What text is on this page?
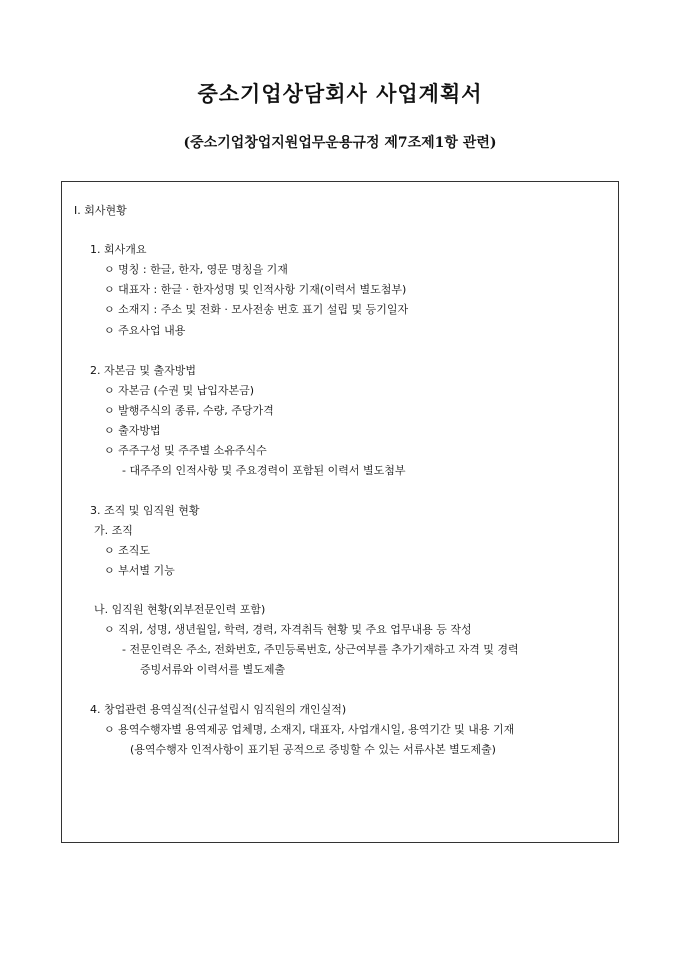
중소기업상담회사 사업계획서
(중소기업창업지원업무운용규정 제7조제1항 관련)
Ⅰ. 회사현황
1. 회사개요
ㅇ 명칭 : 한글, 한자, 영문 명칭을 기재
ㅇ 대표자 : 한글 · 한자성명 및 인적사항 기재(이력서 별도첨부)
ㅇ 소재지 : 주소 및 전화 · 모사전송 번호 표기 설립 및 등기일자
ㅇ 주요사업 내용
2. 자본금 및 출자방법
ㅇ 자본금 (수권 및 납입자본금)
ㅇ 발행주식의 종류, 수량, 주당가격
ㅇ 출자방법
ㅇ 주주구성 및 주주별 소유주식수
- 대주주의 인적사항 및 주요경력이 포함된 이력서 별도첨부
3. 조직 및 임직원 현황
가. 조직
ㅇ 조직도
ㅇ 부서별 기능
나. 임직원 현황(외부전문인력 포함)
ㅇ 직위, 성명, 생년월일, 학력, 경력, 자격취득 현황 및 주요 업무내용 등 작성
- 전문인력은 주소, 전화번호, 주민등록번호, 상근여부를 추가기재하고 자격 및 경력
증빙서류와 이력서를 별도제출
4. 창업관련 용역실적(신규설립시 임직원의 개인실적)
ㅇ 용역수행자별 용역제공 업체명, 소재지, 대표자, 사업개시일, 용역기간 및 내용 기재
(용역수행자 인적사항이 표기된 공적으로 증빙할 수 있는 서류사본 별도제출)
